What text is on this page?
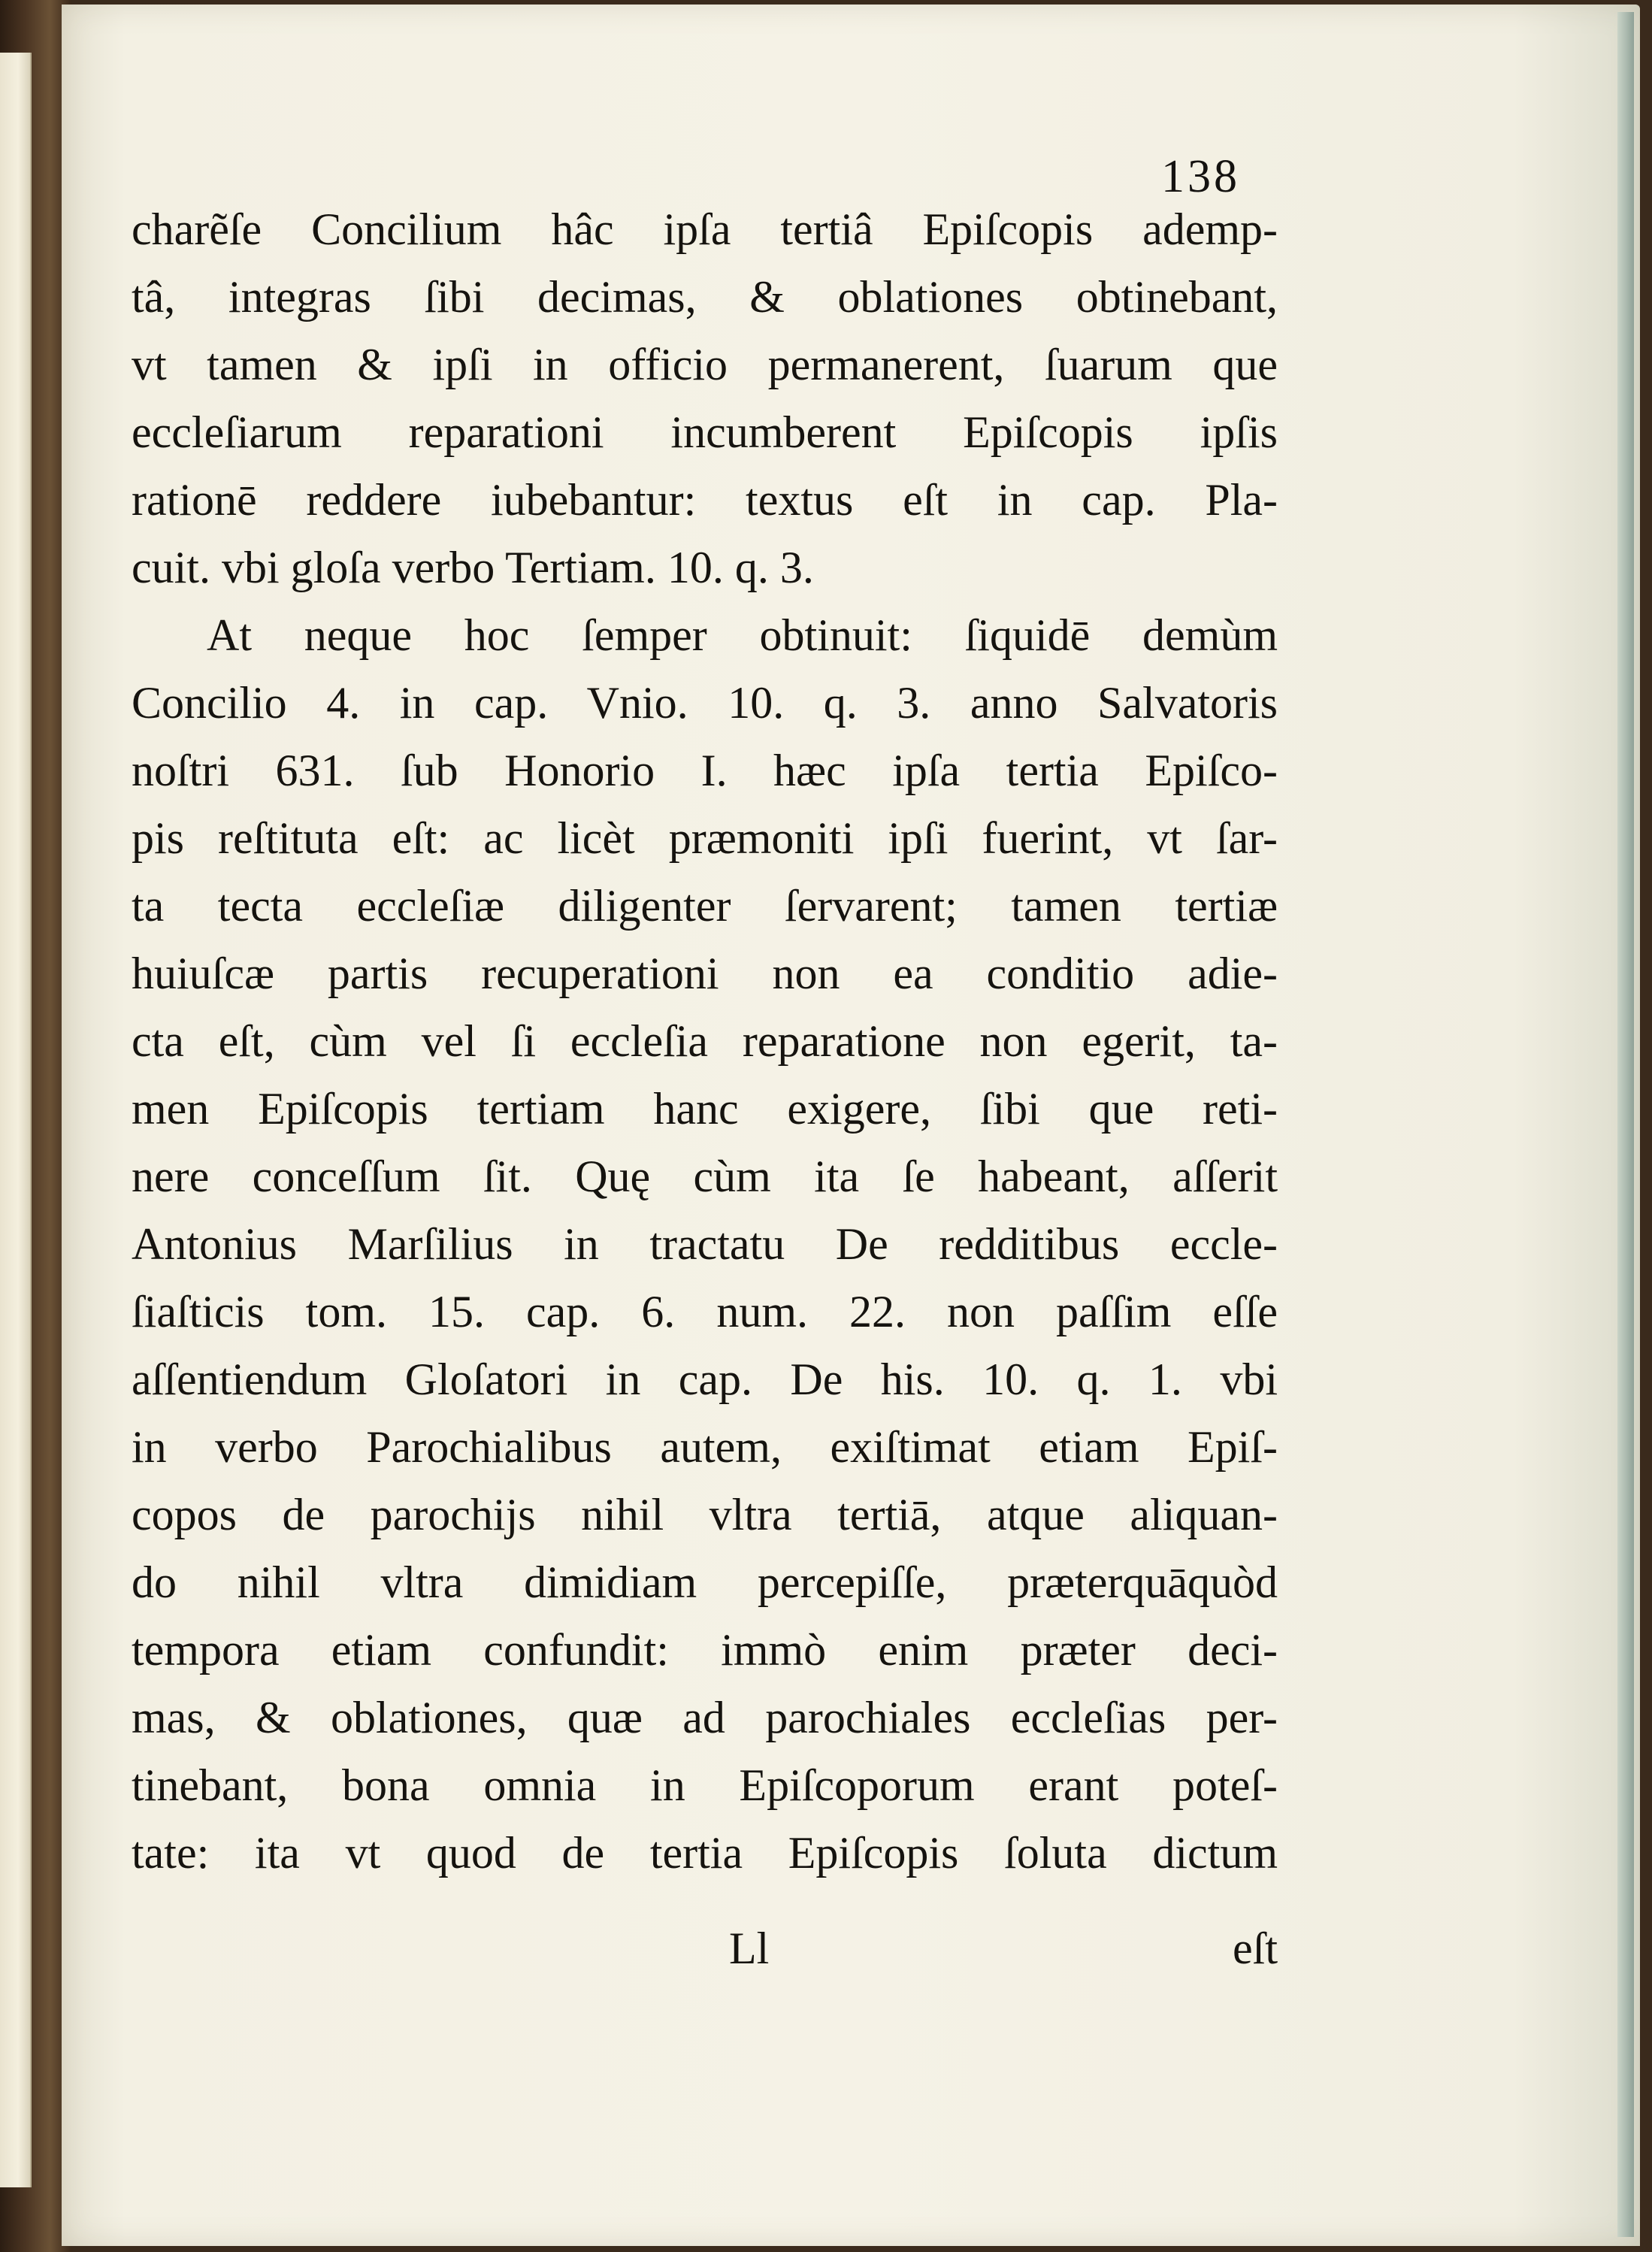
138
charẽſe Concilium hâc ipſa tertiâ Epiſcopis ademp-
tâ, integras ſibi decimas, & oblationes obtinebant,
vt tamen & ipſi in officio permanerent, ſuarum que
eccleſiarum reparationi incumberent Epiſcopis ipſis
rationē reddere iubebantur: textus eſt in cap. Pla-
cuit. vbi gloſa verbo Tertiam. 10. q. 3.
At neque hoc ſemper obtinuit: ſiquidē demùm
Concilio 4. in cap. Vnio. 10. q. 3. anno Salvatoris
noſtri 631. ſub Honorio I. hæc ipſa tertia Epiſco-
pis reſtituta eſt: ac licèt præmoniti ipſi fuerint, vt ſar-
ta tecta eccleſiæ diligenter ſervarent; tamen tertiæ
huiuſcæ partis recuperationi non ea conditio adie-
cta eſt, cùm vel ſi eccleſia reparatione non egerit, ta-
men Epiſcopis tertiam hanc exigere, ſibi que reti-
nere conceſſum ſit. Quę cùm ita ſe habeant, aſſerit
Antonius Marſilius in tractatu De redditibus eccle-
ſiaſticis tom. 15. cap. 6. num. 22. non paſſim eſſe
aſſentiendum Gloſatori in cap. De his. 10. q. 1. vbi
in verbo Parochialibus autem, exiſtimat etiam Epiſ-
copos de parochijs nihil vltra tertiā, atque aliquan-
do nihil vltra dimidiam percepiſſe, præterquāquòd
tempora etiam confundit: immò enim præter deci-
mas, & oblationes, quæ ad parochiales eccleſias per-
tinebant, bona omnia in Epiſcoporum erant poteſ-
tate: ita vt quod de tertia Epiſcopis ſoluta dictum
Ll	eſt
